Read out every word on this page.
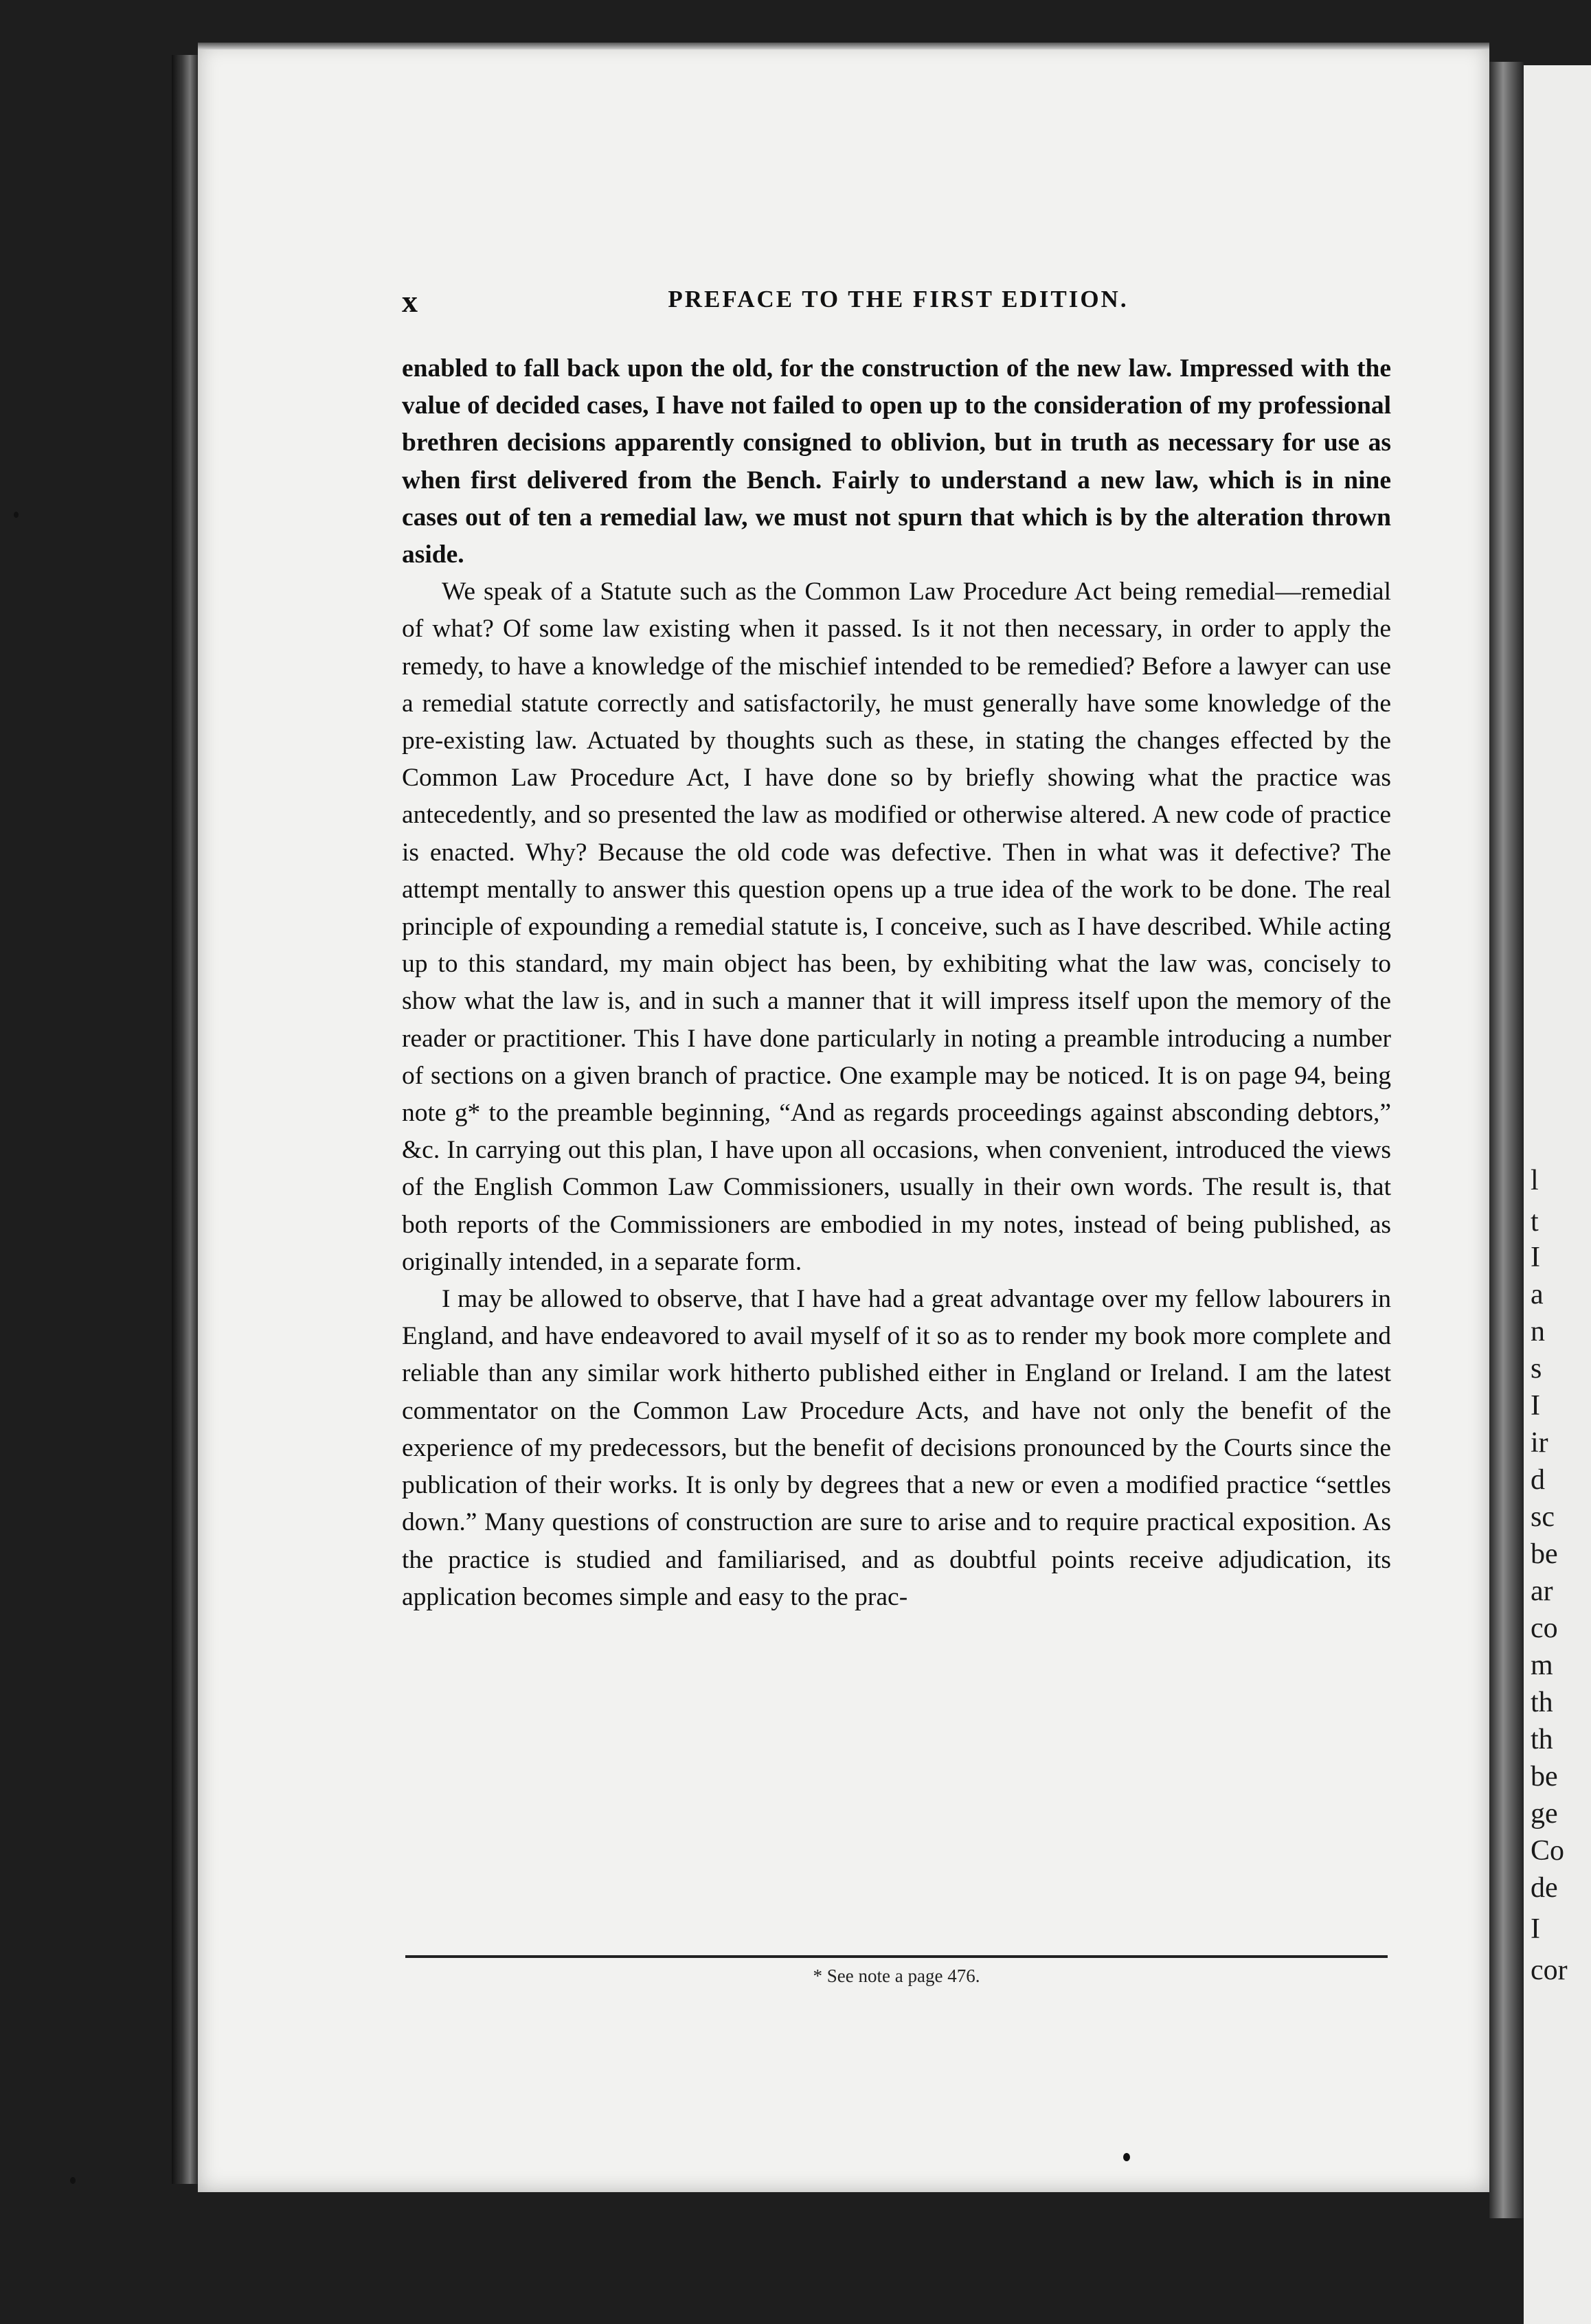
l
t
I
a
n
s
I
ir
d
sc
be
ar
co
m
th
th
be
ge
Co
de
I
cor
x	PREFACE TO THE FIRST EDITION.

enabled to fall back upon the old, for the construction of the new law. Impressed with the value of decided cases, I have not failed to open up to the consideration of my professional brethren decisions apparently consigned to oblivion, but in truth as necessary for use as when first delivered from the Bench. Fairly to understand a new law, which is in nine cases out of ten a remedial law, we must not spurn that which is by the alteration thrown aside.

We speak of a Statute such as the Common Law Procedure Act being remedial—remedial of what? Of some law existing when it passed. Is it not then necessary, in order to apply the remedy, to have a knowledge of the mischief intended to be remedied? Before a lawyer can use a remedial statute correctly and satisfactorily, he must generally have some knowledge of the pre-existing law. Actuated by thoughts such as these, in stating the changes effected by the Common Law Procedure Act, I have done so by briefly showing what the practice was antecedently, and so presented the law as modified or otherwise altered. A new code of practice is enacted. Why? Because the old code was defective. Then in what was it defective? The attempt mentally to answer this question opens up a true idea of the work to be done. The real principle of expounding a remedial statute is, I conceive, such as I have described. While acting up to this standard, my main object has been, by exhibiting what the law was, concisely to show what the law is, and in such a manner that it will impress itself upon the memory of the reader or practitioner. This I have done particularly in noting a preamble introducing a number of sections on a given branch of practice. One example may be noticed. It is on page 94, being note g* to the preamble beginning, “And as regards proceedings against absconding debtors,” &c. In carrying out this plan, I have upon all occasions, when convenient, introduced the views of the English Common Law Commissioners, usually in their own words. The result is, that both reports of the Commissioners are embodied in my notes, instead of being published, as originally intended, in a separate form.

I may be allowed to observe, that I have had a great advantage over my fellow labourers in England, and have endeavored to avail myself of it so as to render my book more complete and reliable than any similar work hitherto published either in England or Ireland. I am the latest commentator on the Common Law Procedure Acts, and have not only the benefit of the experience of my predecessors, but the benefit of decisions pronounced by the Courts since the publication of their works. It is only by degrees that a new or even a modified practice “settles down.” Many questions of construction are sure to arise and to require practical exposition. As the practice is studied and familiarised, and as doubtful points receive adjudication, its application becomes simple and easy to the prac-

* See note a page 476.
